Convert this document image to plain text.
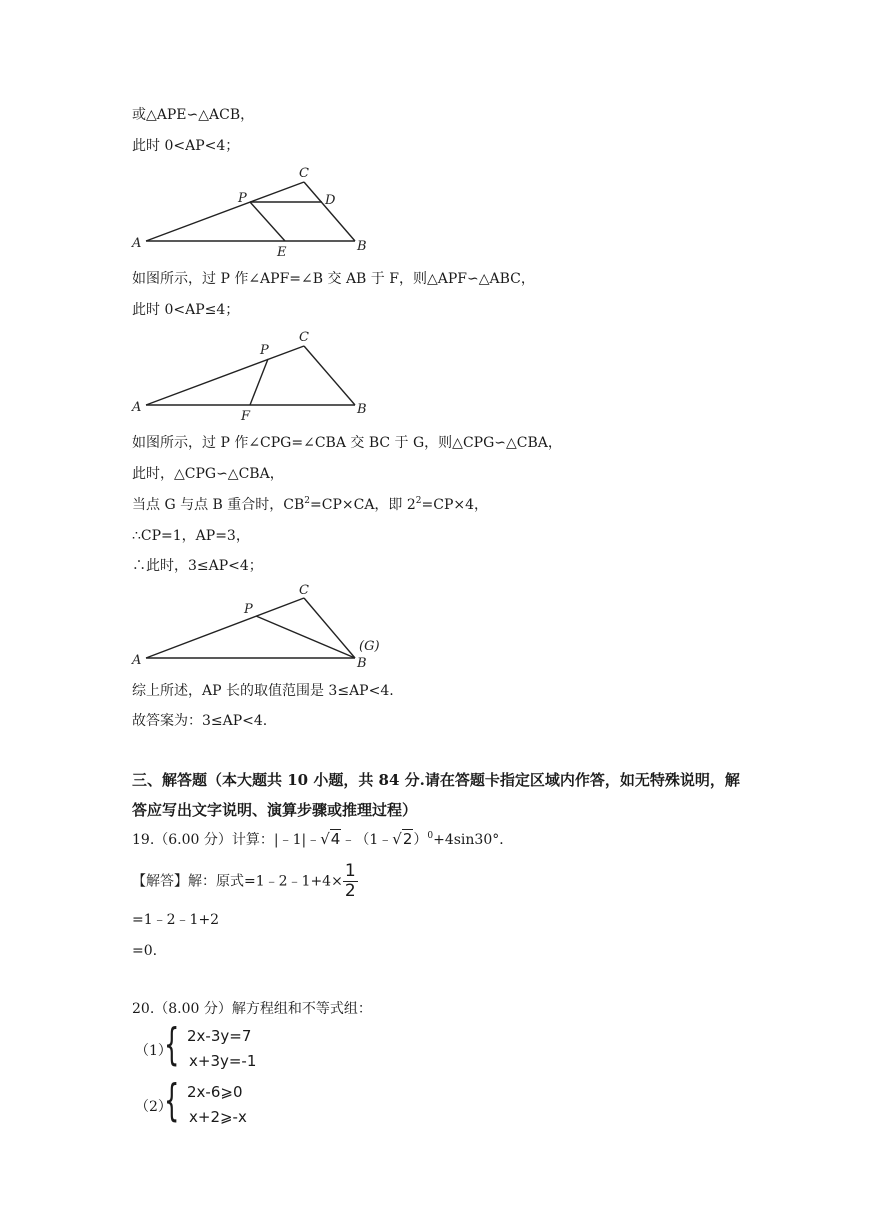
或△APE∽△ACB，
此时 0<AP<4；
A
P
C
D
E	B
如图所示，过 P 作∠APF=∠B 交 AB 于 F，则△APF∽△ABC，
此时 0<AP≤4；
A
P
C
F	B
如图所示，过 P 作∠CPG=∠CBA 交 BC 于 G，则△CPG∽△CBA，
此时，△CPG∽△CBA，
当点 G 与点 B 重合时，$CB^2=CP\times CA$，即 $2^2=CP\times 4$，
∴CP=1，AP=3，
∴此时，3≤AP<4；
A
P
C
B
(G)
综上所述，AP 长的取值范围是 3≤AP<4.
故答案为：3≤AP<4.
三、解答题（本大题共 10 小题，共 84 分.请在答题卡指定区域内作答，如无特殊说明，解
答应写出文字说明、演算步骤或推理过程）
19.（6.00 分）计算：|﹣1|﹣√4﹣（1﹣√2）$^0$+4sin30°．
【解答】解：原式=1﹣2﹣1+4× $\frac{1}{2}$
=1﹣2﹣1+2
=0.
20.（8.00 分）解方程组和不等式组：
（1）
{ 2x-3y=7
x+3y=-1
（2）
{ 2x-6⩾0
x+2⩾-x
